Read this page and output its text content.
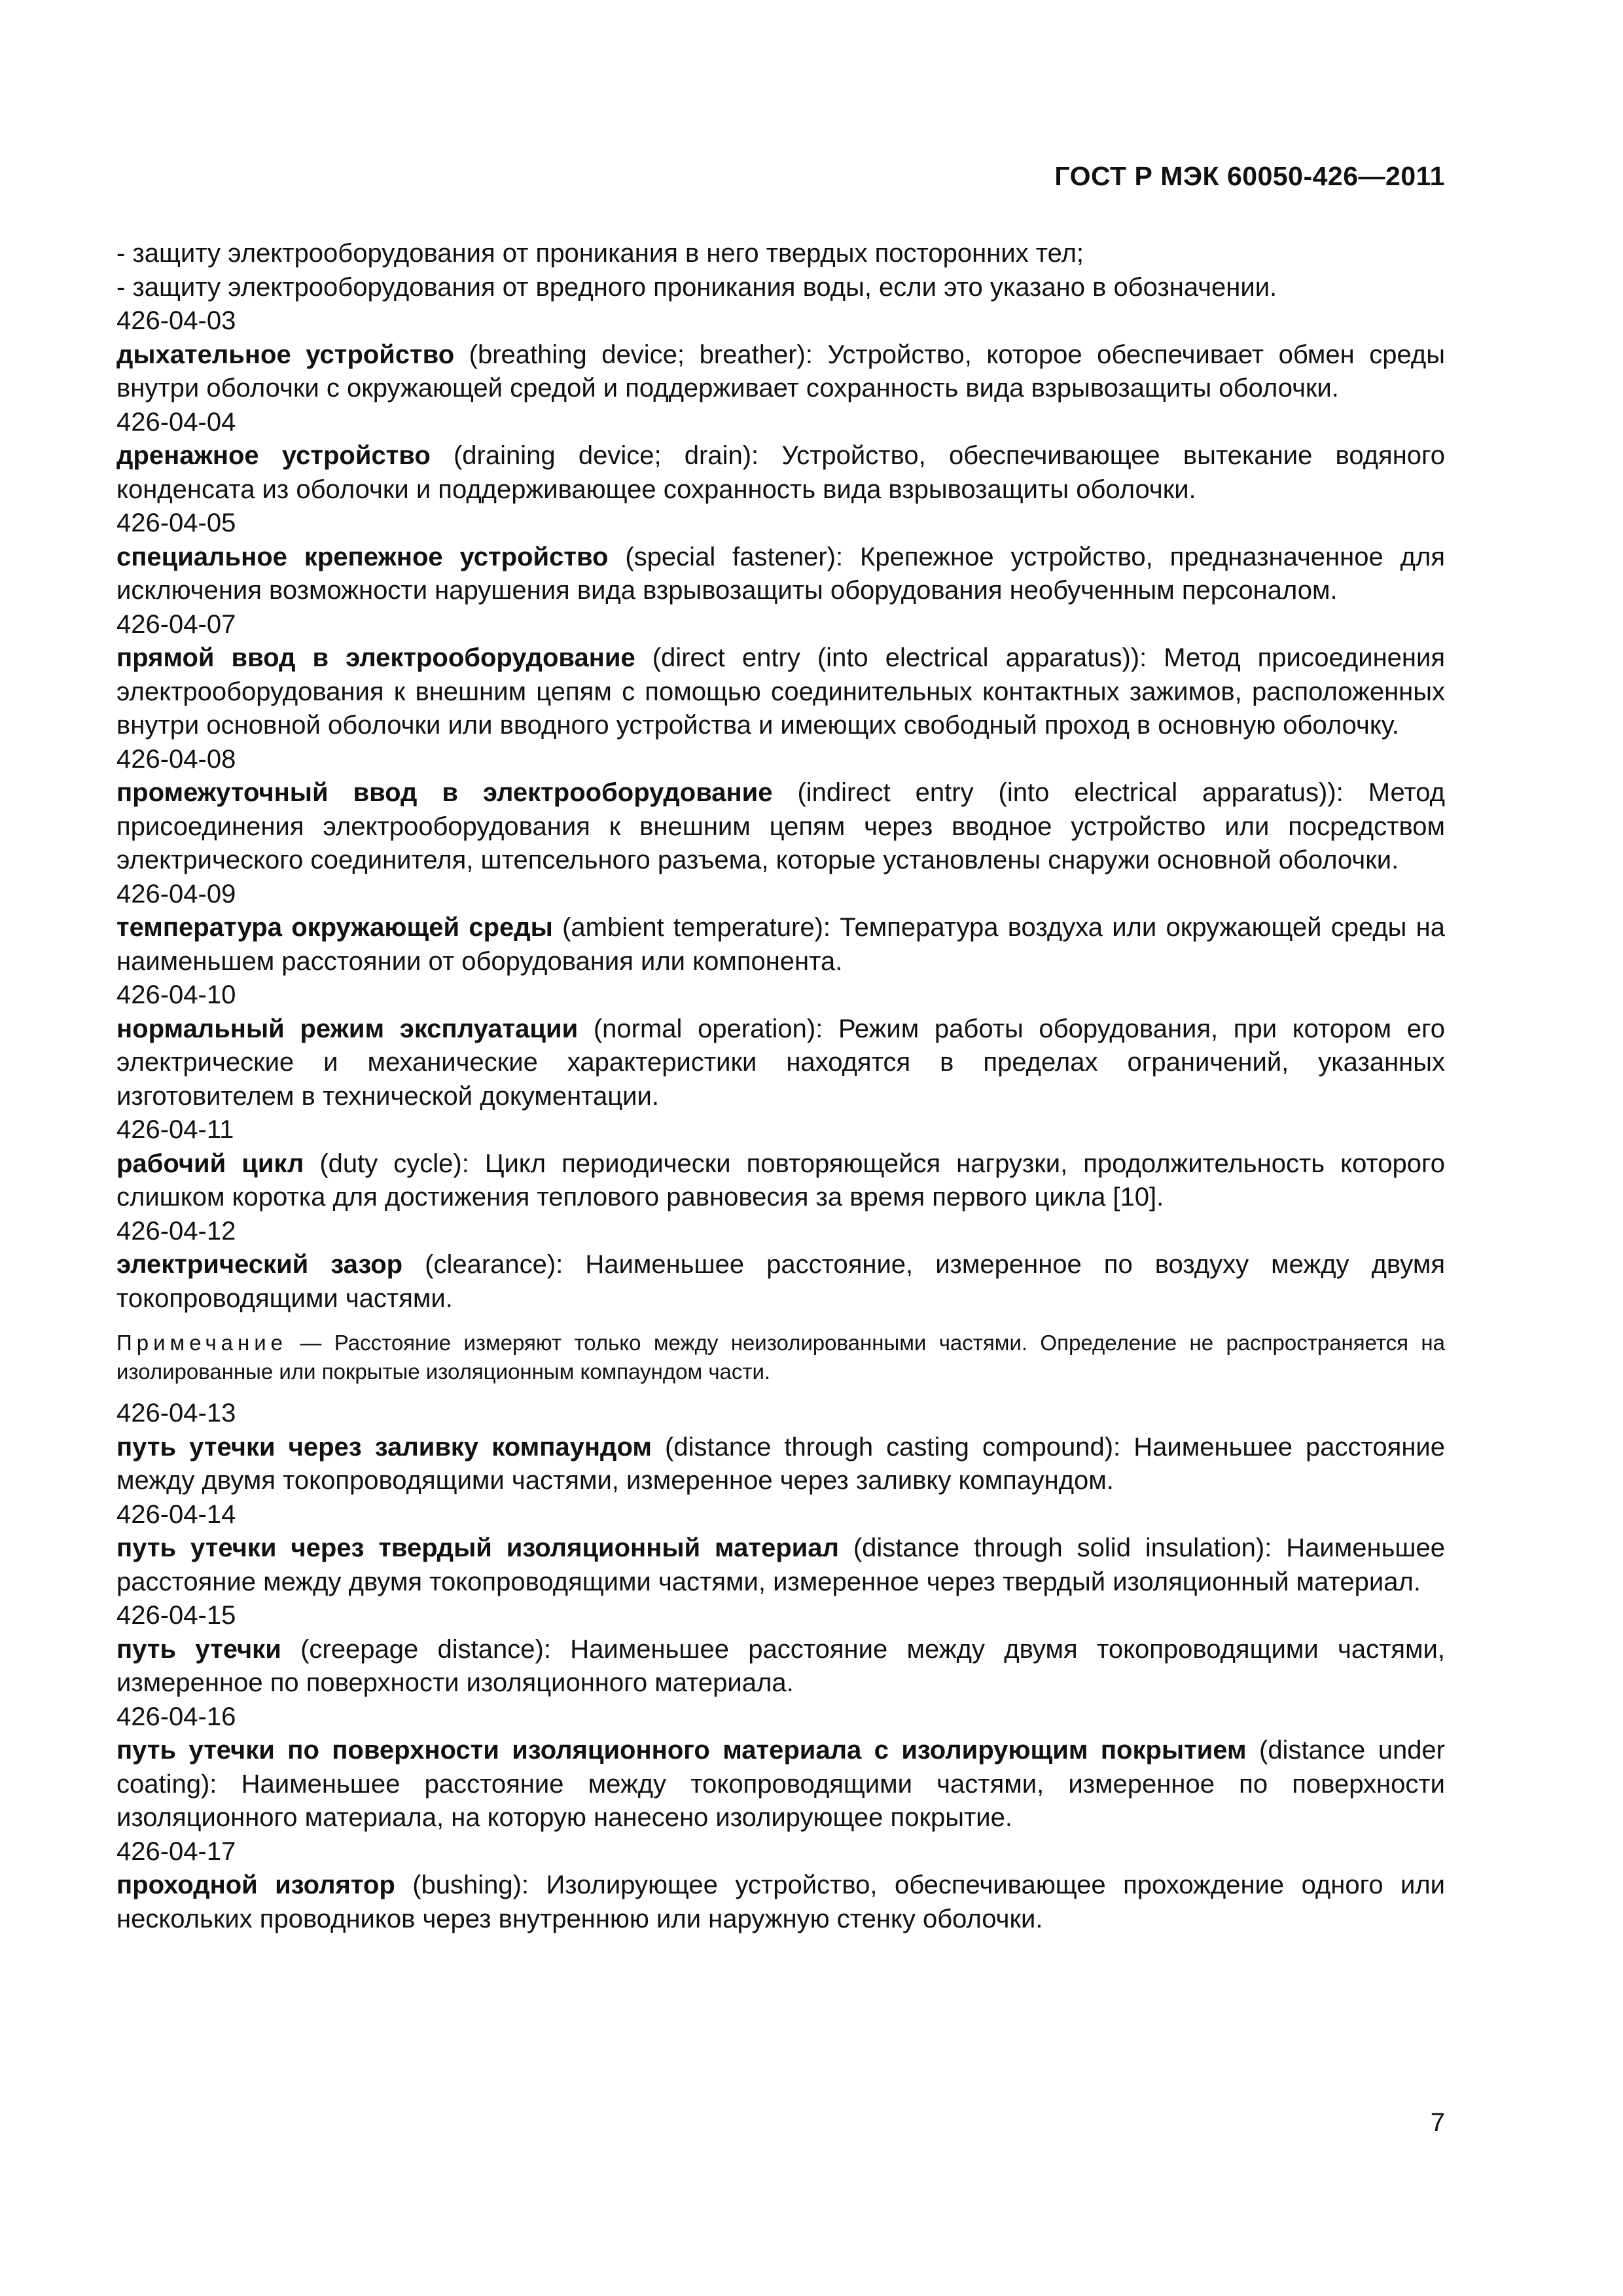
ГОСТ Р МЭК 60050-426—2011

- защиту электрооборудования от проникания в него твердых посторонних тел;

- защиту электрооборудования от вредного проникания воды, если это указано в обозначении.

426-04-03

дыхательное устройство (breathing device; breather): Устройство, которое обеспечивает обмен среды внутри оболочки с окружающей средой и поддерживает сохранность вида взрывозащиты оболочки.

426-04-04

дренажное устройство (draining device; drain): Устройство, обеспечивающее вытекание водяного конденсата из оболочки и поддерживающее сохранность вида взрывозащиты оболочки.

426-04-05

специальное крепежное устройство (special fastener): Крепежное устройство, предназначенное для исключения возможности нарушения вида взрывозащиты оборудования необученным персоналом.

426-04-07

прямой ввод в электрооборудование (direct entry (into electrical apparatus)): Метод присоединения электрооборудования к внешним цепям с помощью соединительных контактных зажимов, расположенных внутри основной оболочки или вводного устройства и имеющих свободный проход в основную оболочку.

426-04-08

промежуточный ввод в электрооборудование (indirect entry (into electrical apparatus)): Метод присоединения электрооборудования к внешним цепям через вводное устройство или посредством электрического соединителя, штепсельного разъема, которые установлены снаружи основной оболочки.

426-04-09

температура окружающей среды (ambient temperature): Температура воздуха или окружающей среды на наименьшем расстоянии от оборудования или компонента.

426-04-10

нормальный режим эксплуатации (normal operation): Режим работы оборудования, при котором его электрические и механические характеристики находятся в пределах ограничений, указанных изготовителем в технической документации.

426-04-11

рабочий цикл (duty cycle): Цикл периодически повторяющейся нагрузки, продолжительность которого слишком коротка для достижения теплового равновесия за время первого цикла [10].

426-04-12

электрический зазор (clearance): Наименьшее расстояние, измеренное по воздуху между двумя токопроводящими частями.

Примечание — Расстояние измеряют только между неизолированными частями. Определение не распространяется на изолированные или покрытые изоляционным компаундом части.

426-04-13

путь утечки через заливку компаундом (distance through casting compound): Наименьшее расстояние между двумя токопроводящими частями, измеренное через заливку компаундом.

426-04-14

путь утечки через твердый изоляционный материал (distance through solid insulation): Наименьшее расстояние между двумя токопроводящими частями, измеренное через твердый изоляционный материал.

426-04-15

путь утечки (creepage distance): Наименьшее расстояние между двумя токопроводящими частями, измеренное по поверхности изоляционного материала.

426-04-16

путь утечки по поверхности изоляционного материала с изолирующим покрытием (distance under coating): Наименьшее расстояние между токопроводящими частями, измеренное по поверхности изоляционного материала, на которую нанесено изолирующее покрытие.

426-04-17

проходной изолятор (bushing): Изолирующее устройство, обеспечивающее прохождение одного или нескольких проводников через внутреннюю или наружную стенку оболочки.

7
